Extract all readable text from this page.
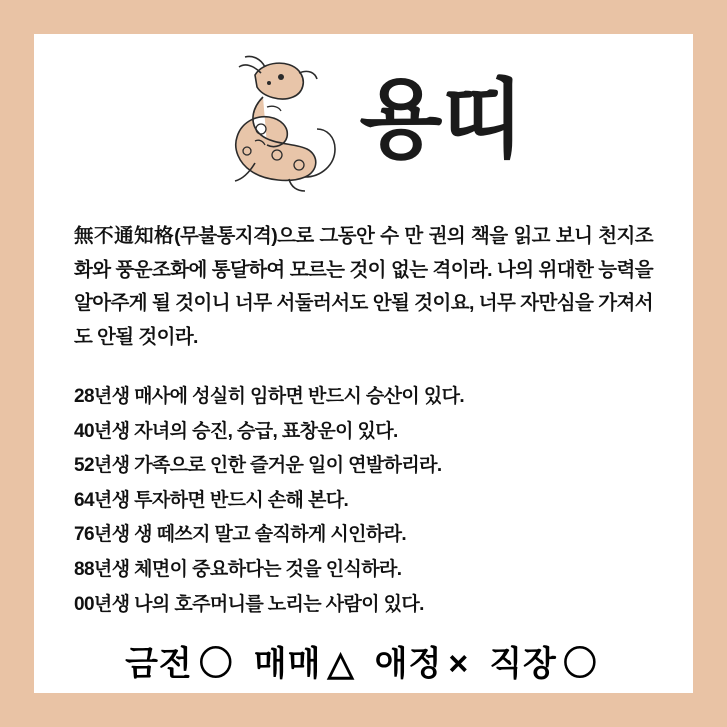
용띠
無不通知格(무불통지격)으로 그동안 수 만 권의 책을 읽고 보니 천지조화와 풍운조화에 통달하여 모르는 것이 없는 격이라. 나의 위대한 능력을 알아주게 될 것이니 너무 서둘러서도 안될 것이요, 너무 자만심을 가져서도 안될 것이라.
28년생 매사에 성실히 임하면 반드시 승산이 있다.
40년생 자녀의 승진, 승급, 표창운이 있다.
52년생 가족으로 인한 즐거운 일이 연발하리라.
64년생 투자하면 반드시 손해 본다.
76년생 생 떼쓰지 말고 솔직하게 시인하라.
88년생 체면이 중요하다는 것을 인식하라.
00년생 나의 호주머니를 노리는 사람이 있다.
금전 〇 매매 △ 애정 × 직장 〇
